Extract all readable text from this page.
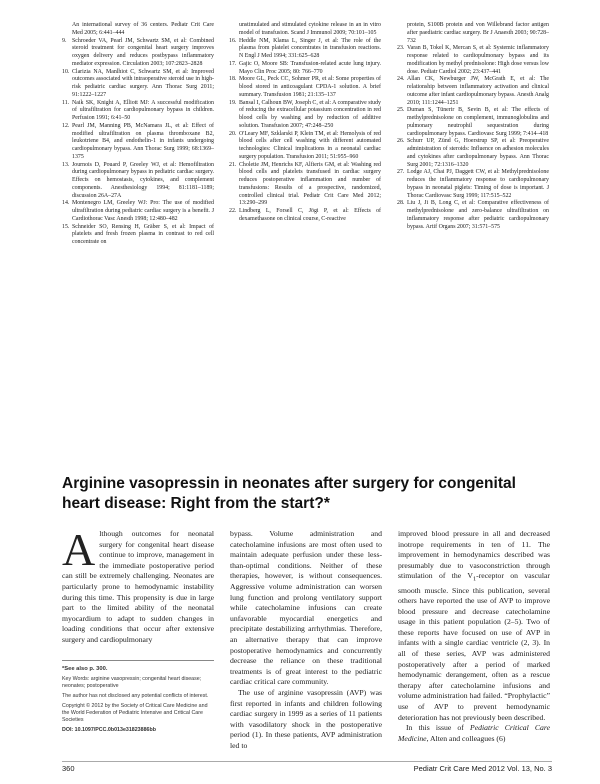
An international survey of 36 centers. Pediatr Crit Care Med 2005; 6:441–444

9. Schroeder VA, Pearl JM, Schwartz SM, et al: Combined steroid treatment for congenital heart surgery improves oxygen delivery and reduces postbypass inflammatory mediator expression. Circulation 2003; 107:2823–2828

10. Clarizia NA, Manlhiot C, Schwartz SM, et al: Improved outcomes associated with intraoperative steroid use in high-risk pediatric cardiac surgery. Ann Thorac Surg 2011; 91:1222–1227

11. Naik SK, Knight A, Elliott MJ: A successful modification of ultrafiltration for cardiopulmonary bypass in children. Perfusion 1991; 6:41–50

12. Pearl JM, Manning PB, McNamara JL, et al: Effect of modified ultrafiltration on plasma thromboxane B2, leukotriene B4, and endothelin-1 in infants undergoing cardiopulmonary bypass. Ann Thorac Surg 1999; 68:1369–1375

13. Journois D, Pouard P, Greeley WJ, et al: Hemofiltration during cardiopulmonary bypass in pediatric cardiac surgery. Effects on hemostasis, cytokines, and complement components. Anesthesiology 1994; 81:1181–1189; discussion 26A–27A

14. Montenegro LM, Greeley WJ: Pro: The use of modified ultrafiltration during pediatric cardiac surgery is a benefit. J Cardiothorac Vasc Anesth 1998; 12:480–482

15. Schneider SO, Rensing H, Gräber S, et al: Impact of platelets and fresh frozen plasma in contrast to red cell concentrate on

unstimulated and stimulated cytokine release in an in vitro model of transfusion. Scand J Immunol 2009; 70:101–105

16. Heddle NM, Klama L, Singer J, et al: The role of the plasma from platelet concentrates in transfusion reactions. N Engl J Med 1994; 331:625–628

17. Gajic O, Moore SB: Transfusion-related acute lung injury. Mayo Clin Proc 2005; 80: 766–770

18. Moore GL, Peck CC, Sohmer PR, et al: Some properties of blood stored in anticoagulant CPDA-1 solution. A brief summary. Transfusion 1981; 21:135–137

19. Bansal I, Calhoun BW, Joseph C, et al: A comparative study of reducing the extracellular potassium concentration in red blood cells by washing and by reduction of additive solution. Transfusion 2007; 47:248–250

20. O'Leary MF, Szklarski P, Klein TM, et al: Hemolysis of red blood cells after cell washing with different automated technologies: Clinical implications in a neonatal cardiac surgery population. Transfusion 2011; 51:955–960

21. Choletie JM, Henrichs KF, Alfieris GM, et al: Washing red blood cells and platelets transfused in cardiac surgery reduces postoperative inflammation and number of transfusions: Results of a prospective, randomized, controlled clinical trial. Pediatr Crit Care Med 2012; 13:290–299

22. Lindberg L, Forsell C, Jögi P, et al: Effects of dexamethasone on clinical course, C-reactive

protein, S100B protein and von Willebrand factor antigen after paediatric cardiac surgery. Br J Anaesth 2003; 90:728–732

23. Varan B, Tokel K, Mercan S, et al: Systemic inflammatory response related to cardiopulmonary bypass and its modification by methyl prednisolone: High dose versus low dose. Pediatr Cardiol 2002; 23:437–441

24. Allan CK, Newburger JW, McGrath E, et al: The relationship between inflammatory activation and clinical outcome after infant cardiopulmonary bypass. Anesth Analg 2010; 111:1244–1251

25. Duman S, Tünerir B, Sevin B, et al: The effects of methylprednisolone on complement, immunoglobulins and pulmonary neutrophil sequestration during cardiopulmonary bypass. Cardiovasc Surg 1999; 7:414–418

26. Schurr UP, Zünd G, Hoerstrup SP, et al: Preoperative administration of steroids: Influence on adhesion molecules and cytokines after cardiopulmonary bypass. Ann Thorac Surg 2001; 72:1316–1320

27. Lodge AJ, Chai PJ, Daggett CW, et al: Methylprednisolone reduces the inflammatory response to cardiopulmonary bypass in neonatal piglets: Timing of dose is important. J Thorac Cardiovasc Surg 1999; 117:515–522

28. Liu J, Ji B, Long C, et al: Comparative effectiveness of methylprednisolone and zero-balance ultrafiltration on inflammatory response after pediatric cardiopulmonary bypass. Artif Organs 2007; 31:571–575

Arginine vasopressin in neonates after surgery for congenital heart disease: Right from the start?*

Although outcomes for neonatal surgery for congenital heart disease continue to improve, management in the immediate postoperative period can still be extremely challenging. Neonates are particularly prone to hemodynamic instability during this time. This propensity is due in large part to the limited ability of the neonatal myocardium to adapt to sudden changes in loading conditions that occur after extensive surgery and cardiopulmonary

*See also p. 300.

Key Words: arginine vasopressin; congenital heart disease; neonates; postoperative

The author has not disclosed any potential conflicts of interest.

Copyright © 2012 by the Society of Critical Care Medicine and the World Federation of Pediatric Intensive and Critical Care Societies

DOI: 10.1097/PCC.0b013e31823886bb

bypass. Volume administration and catecholamine infusions are most often used to maintain adequate perfusion under these less-than-optimal conditions. Neither of these therapies, however, is without consequences. Aggressive volume administration can worsen lung function and prolong ventilatory support while catecholamine infusions can create unfavorable myocardial energetics and precipitate destabilizing arrhythmias. Therefore, an alternative therapy that can improve postoperative hemodynamics and concurrently decrease the reliance on these traditional treatments is of great interest to the pediatric cardiac critical care community.

The use of arginine vasopressin (AVP) was first reported in infants and children following cardiac surgery in 1999 as a series of 11 patients with vasodilatory shock in the postoperative period (1). In these patients, AVP administration led to

improved blood pressure in all and decreased inotrope requirements in ten of 11. The improvement in hemodynamics described was presumably due to vasoconstriction through stimulation of the $V_1$-receptor on vascular smooth muscle. Since this publication, several others have reported the use of AVP to improve blood pressure and decrease catecholamine usage in this patient population (2–5). Two of these reports have focused on use of AVP in infants with a single cardiac ventricle (2, 3). In all of these series, AVP was administered postoperatively after a period of marked hemodynamic derangement, often as a rescue therapy after catecholamine infusions and volume administration had failed. “Prophylactic” use of AVP to prevent hemodynamic deterioration has not previously been described.

In this issue of Pediatric Critical Care Medicine, Alten and colleagues (6)

360	Pediatr Crit Care Med 2012 Vol. 13, No. 3
